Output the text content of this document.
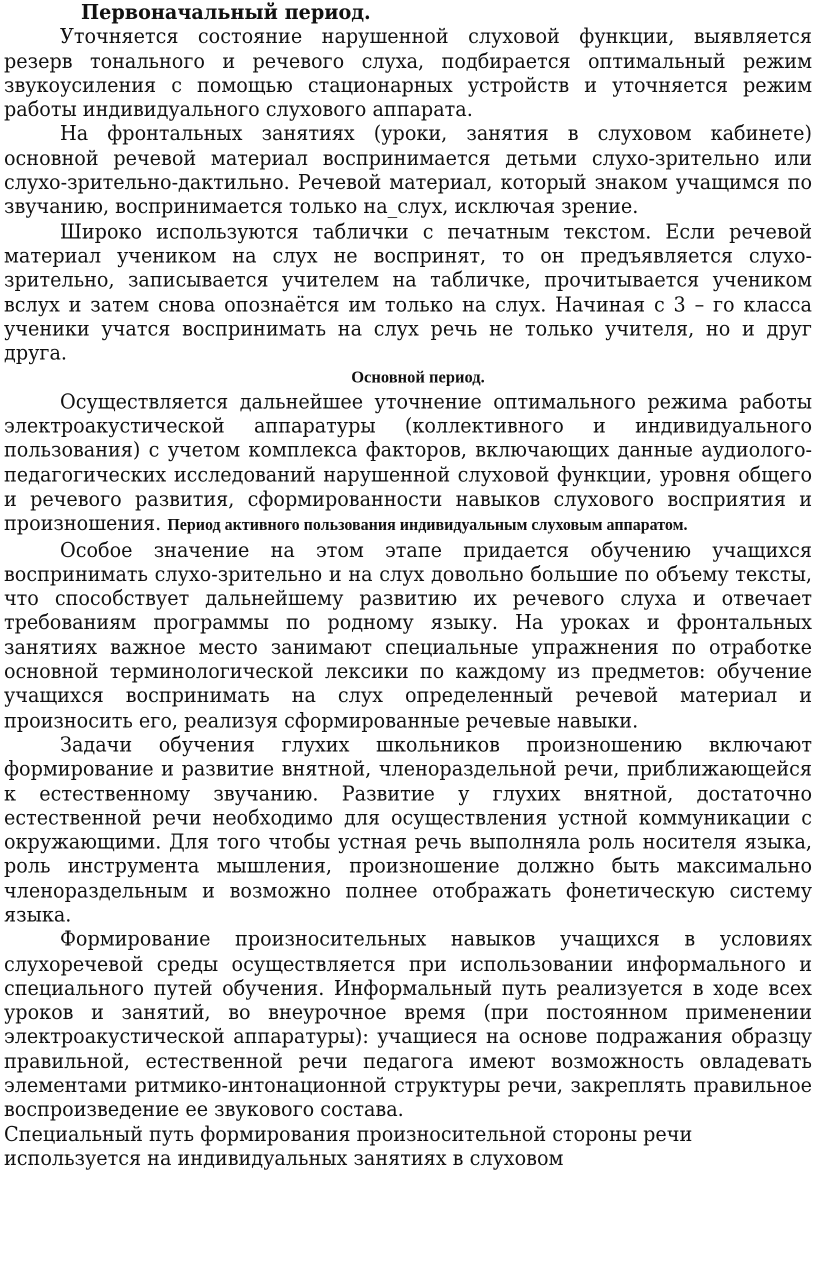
Первоначальный период.

Уточняется состояние нарушенной слуховой функции, выявляется резерв тонального и речевого слуха, подбирается оптимальный режим звукоусиления с помощью стационарных устройств и уточняется режим работы индивидуального слухового аппарата.

На фронтальных занятиях (уроки, занятия в слуховом кабинете) основной речевой материал воспринимается детьми слухо-зрительно или слухо-зрительно-дактильно. Речевой материал, который знаком учащимся по звучанию, воспринимается только на_слух, исключая зрение.

Широко используются таблички с печатным текстом. Если речевой материал учеником на слух не воспринят, то он предъявляется слухо-зрительно, записывается учителем на табличке, прочитывается учеником вслух и затем снова опознаётся им только на слух. Начиная с 3 – го класса ученики учатся воспринимать на слух речь не только учителя, но и друг друга.

Основной период.

Осуществляется дальнейшее уточнение оптимального режима работы электроакустической аппаратуры (коллективного и индивидуального пользования) с учетом комплекса факторов, включающих данные аудиолого-педагогических исследований нарушенной слуховой функции, уровня общего и речевого развития, сформированности навыков слухового восприятия и произношения. Период активного пользования индивидуальным слуховым аппаратом.

Особое значение на этом этапе придается обучению учащихся воспринимать слухо-зрительно и на слух довольно большие по объему тексты, что способствует дальнейшему развитию их речевого слуха и отвечает требованиям программы по родному языку. На уроках и фронтальных занятиях важное место занимают специальные упражнения по отработке основной терминологической лексики по каждому из предметов: обучение учащихся воспринимать на слух определенный речевой материал и произносить его, реализуя сформированные речевые навыки.

Задачи обучения глухих школьников произношению включают формирование и развитие внятной, членораздельной речи, приближающейся к естественному звучанию. Развитие у глухих внятной, достаточно естественной речи необходимо для осуществления устной коммуникации с окружающими. Для того чтобы устная речь выполняла роль носителя языка, роль инструмента мышления, произношение должно быть максимально членораздельным и возможно полнее отображать фонетическую систему языка.

Формирование произносительных навыков учащихся в условиях слухоречевой среды осуществляется при использовании информального и специального путей обучения. Информальный путь реализуется в ходе всех уроков и занятий, во внеурочное время (при постоянном применении электроакустической аппаратуры): учащиеся на основе подражания образцу правильной, естественной речи педагога имеют возможность овладевать элементами ритмико-интонационной структуры речи, закреплять правильное воспроизведение ее звукового состава.

Специальный путь формирования произносительной стороны речи используется на индивидуальных занятиях в слуховом
